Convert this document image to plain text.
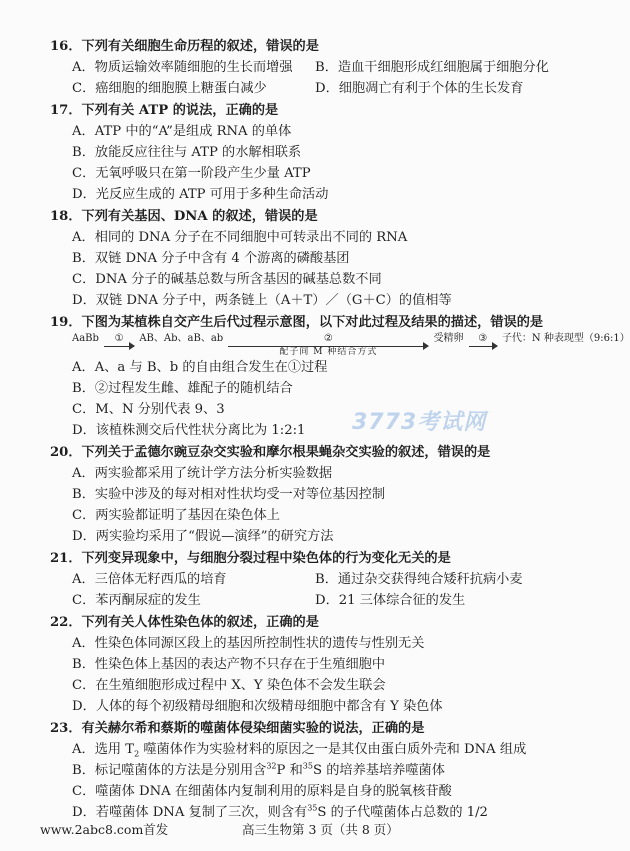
16．下列有关细胞生命历程的叙述，错误的是
A．物质运输效率随细胞的生长而增强 B．造血干细胞形成红细胞属于细胞分化
C．癌细胞的细胞膜上糖蛋白减少	D．细胞凋亡有利于个体的生长发育
17．下列有关 ATP 的说法，正确的是
A．ATP 中的“A”是组成 RNA 的单体
B．放能反应往往与 ATP 的水解相联系
C．无氧呼吸只在第一阶段产生少量 ATP
D．光反应生成的 ATP 可用于多种生命活动
18．下列有关基因、DNA 的叙述，错误的是
A．相同的 DNA 分子在不同细胞中可转录出不同的 RNA
B．双链 DNA 分子中含有 4 个游离的磷酸基团
C．DNA 分子的碱基总数与所含基因的碱基总数不同
D．双链 DNA 分子中，两条链上（A＋T）／（G＋C）的值相等
19．下图为某植株自交产生后代过程示意图，以下对此过程及结果的描述，错误的是
AaBb ① AB、Ab、aB、ab	②
配子间 M 种结合方式
受精卵 ③ 子代：N 种表现型（9:6:1）
A．A、a 与 B、b 的自由组合发生在①过程
B．②过程发生雌、雄配子的随机结合
C．M、N 分别代表 9、3
D．该植株测交后代性状分离比为 1:2:1 3773考试网
20．下列关于孟德尔豌豆杂交实验和摩尔根果蝇杂交实验的叙述，错误的是
A．两实验都采用了统计学方法分析实验数据
B．实验中涉及的每对相对性状均受一对等位基因控制
C．两实验都证明了基因在染色体上
D．两实验均采用了“假说—演绎”的研究方法
21．下列变异现象中，与细胞分裂过程中染色体的行为变化无关的是
A．三倍体无籽西瓜的培育	B．通过杂交获得纯合矮秆抗病小麦
C．苯丙酮尿症的发生	D．21 三体综合征的发生
22．下列有关人体性染色体的叙述，正确的是
A．性染色体同源区段上的基因所控制性状的遗传与性别无关
B．性染色体上基因的表达产物不只存在于生殖细胞中
C．在生殖细胞形成过程中 X、Y 染色体不会发生联会
D．人体的每个初级精母细胞和次级精母细胞中都含有 Y 染色体
23．有关赫尔希和蔡斯的噬菌体侵染细菌实验的说法，正确的是
A．选用 $T_2$ 噬菌体作为实验材料的原因之一是其仅由蛋白质外壳和 DNA 组成
B．标记噬菌体的方法是分别用含$^{32}$P 和$^{35}$S 的培养基培养噬菌体
C．噬菌体 DNA 在细菌体内复制利用的原料是自身的脱氧核苷酸
D．若噬菌体 DNA 复制了三次，则含有$^{35}$S 的子代噬菌体占总数的 1/2
www.2abc8.com首发	高三生物第 3 页（共 8 页）
